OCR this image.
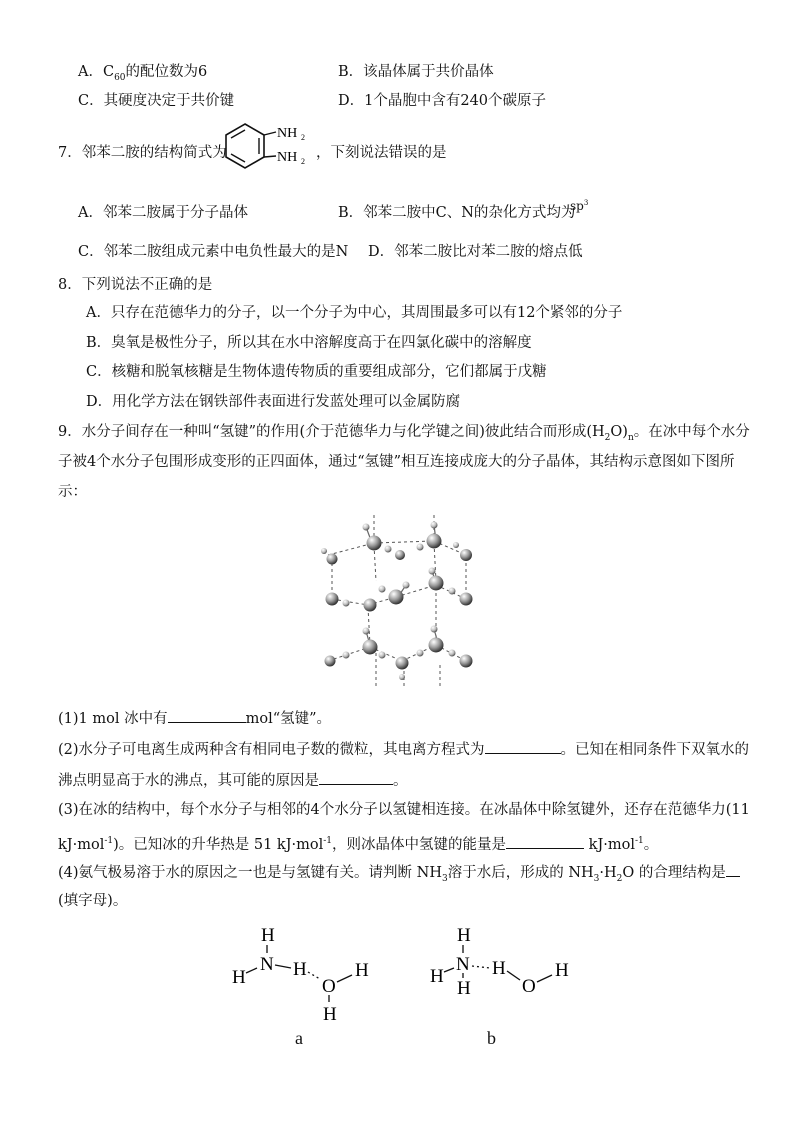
A．$C_{60}$的配位数为6	B．该晶体属于共价晶体
C．其硬度决定于共价键	D．1个晶胞中含有240个碳原子
7．邻苯二胺的结构简式为
NH 2
NH 2
，下刻说法错误的是
A．邻苯二胺属于分子晶体	B．邻苯二胺中C、N的杂化方式均为
$sp^3$
C．邻苯二胺组成元素中电负性最大的是N D．邻苯二胺比对苯二胺的熔点低
8．下列说法不正确的是
A．只存在范德华力的分子，以一个分子为中心，其周围最多可以有12个紧邻的分子
B．臭氧是极性分子，所以其在水中溶解度高于在四氯化碳中的溶解度
C．核糖和脱氧核糖是生物体遗传物质的重要组成部分，它们都属于戊糖
D．用化学方法在钢铁部件表面进行发蓝处理可以金属防腐
9．水分子间存在一种叫“氢键”的作用(介于范德华力与化学键之间)彼此结合而形成$(H_2O)_n$。在冰中每个水分
子被4个水分子包围形成变形的正四面体，通过“氢键”相互连接成庞大的分子晶体，其结构示意图如下图所
示：
(1)1 mol 冰中有	mol“氢键”。
(2)水分子可电离生成两种含有相同电子数的微粒，其电离方程式为	。已知在相同条件下双氧水的
沸点明显高于水的沸点，其可能的原因是	。
(3)在冰的结构中，每个水分子与相邻的4个水分子以氢键相连接。在冰晶体中除氢键外，还存在范德华力(11
kJ·mol$^{-1}$)。已知冰的升华热是 51 kJ·mol$^{-1}$，则冰晶体中氢键的能量是	kJ·mol$^{-1}$。
(4)氨气极易溶于水的原因之一也是与氢键有关。请判断 $NH_3$溶于水后，形成的 $NH_3\cdot H_2O$ 的合理结构是
(填字母)。
H
N
H H
O
H
H
a
H
N
H
H
H
O
H
b
